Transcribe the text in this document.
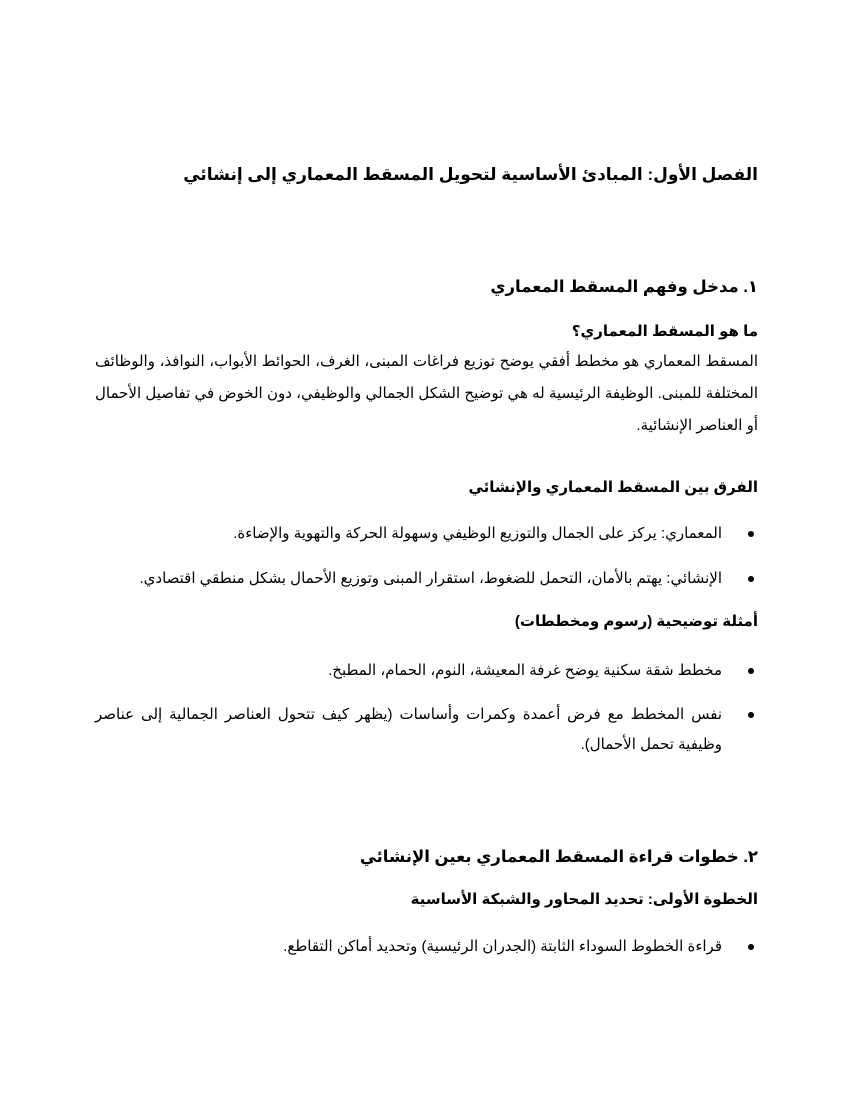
الفصل الأول: المبادئ الأساسية لتحويل المسقط المعماري إلى إنشائي
١. مدخل وفهم المسقط المعماري
ما هو المسقط المعماري؟

المسقط المعماري هو مخطط أفقي يوضح توزيع فراغات المبنى، الغرف، الحوائط الأبواب، النوافذ، والوظائف المختلفة للمبنى. الوظيفة الرئيسية له هي توضيح الشكل الجمالي والوظيفي، دون الخوض في تفاصيل الأحمال أو العناصر الإنشائية.

الفرق بين المسقط المعماري والإنشائي
المعماري: يركز على الجمال والتوزيع الوظيفي وسهولة الحركة والتهوية والإضاءة.
الإنشائي: يهتم بالأمان، التحمل للضغوط، استقرار المبنى وتوزيع الأحمال بشكل منطقي اقتصادي.
أمثلة توضيحية (رسوم ومخططات)
مخطط شقة سكنية يوضح غرفة المعيشة، النوم، الحمام، المطبخ.
نفس المخطط مع فرض أعمدة وكمرات وأساسات (يظهر كيف تتحول العناصر الجمالية إلى عناصر وظيفية تحمل الأحمال).
٢. خطوات قراءة المسقط المعماري بعين الإنشائي
الخطوة الأولى: تحديد المحاور والشبكة الأساسية
قراءة الخطوط السوداء الثابتة (الجدران الرئيسية) وتحديد أماكن التقاطع.
